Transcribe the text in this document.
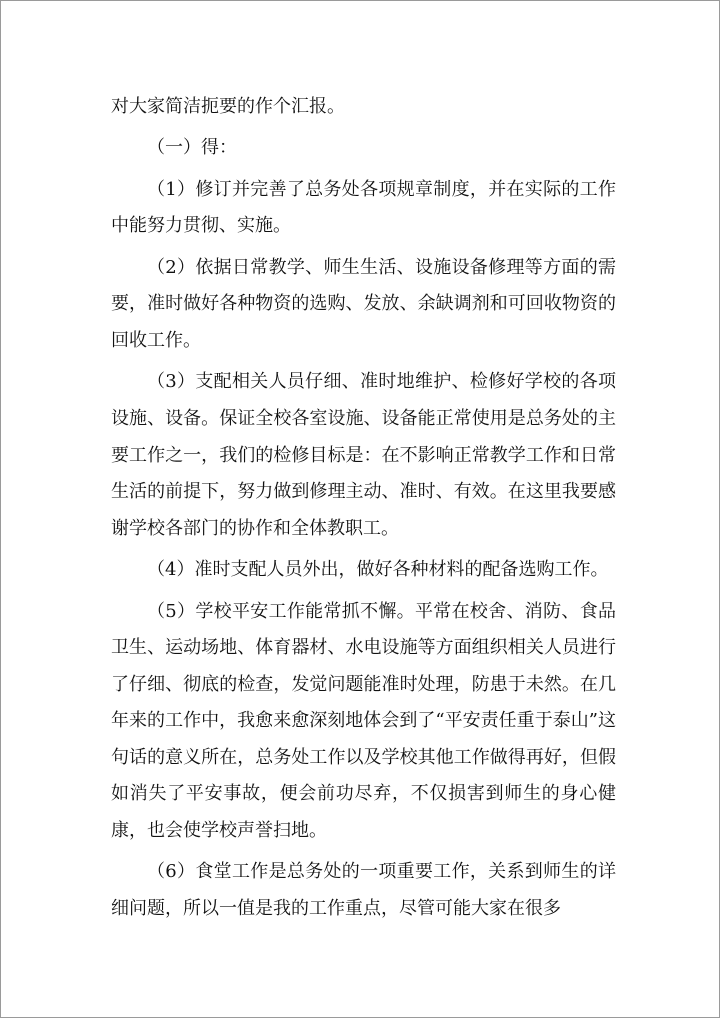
对大家简洁扼要的作个汇报。

（一）得：

（1）修订并完善了总务处各项规章制度，并在实际的工作中能努力贯彻、实施。

（2）依据日常教学、师生生活、设施设备修理等方面的需要，准时做好各种物资的选购、发放、余缺调剂和可回收物资的回收工作。

（3）支配相关人员仔细、准时地维护、检修好学校的各项设施、设备。保证全校各室设施、设备能正常使用是总务处的主要工作之一，我们的检修目标是：在不影响正常教学工作和日常生活的前提下，努力做到修理主动、准时、有效。在这里我要感谢学校各部门的协作和全体教职工。

（4）准时支配人员外出，做好各种材料的配备选购工作。

（5）学校平安工作能常抓不懈。平常在校舍、消防、食品卫生、运动场地、体育器材、水电设施等方面组织相关人员进行了仔细、彻底的检查，发觉问题能准时处理，防患于未然。在几年来的工作中，我愈来愈深刻地体会到了“平安责任重于泰山”这句话的意义所在，总务处工作以及学校其他工作做得再好，但假如消失了平安事故，便会前功尽弃，不仅损害到师生的身心健康，也会使学校声誉扫地。

（6）食堂工作是总务处的一项重要工作，关系到师生的详细问题，所以一值是我的工作重点，尽管可能大家在很多
